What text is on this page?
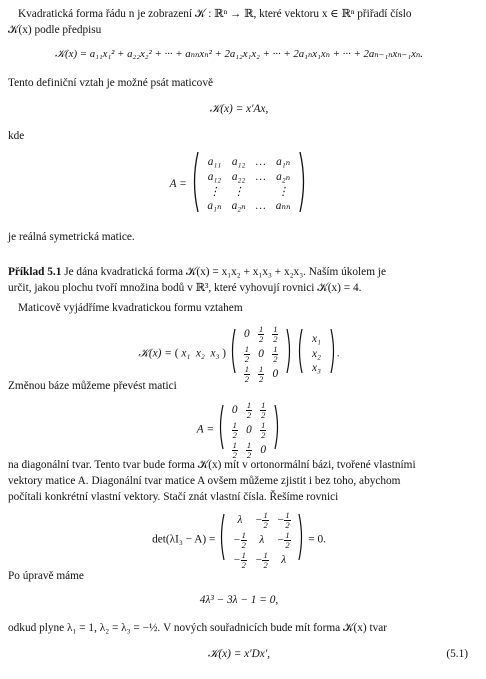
Kvadratická forma řádu n je zobrazení 𝒦 : ℝⁿ → ℝ, které vektoru x ∈ ℝⁿ přiřadí číslo
𝒦(x) podle předpisu
𝒦(x) = a₁₁x₁² + a₂₂x₂² + ··· + aₙₙxₙ² + 2a₁₂x₁x₂ + ··· + 2a₁ₙx₁xₙ + ··· + 2aₙ₋₁ₙxₙ₋₁xₙ.
Tento definiční vztah je možné psát maticově
𝒦(x) = x′Ax,
kde
A =  a₁₁	a₁₂	…	a₁ₙ
a₁₂	a₂₂	…	a₂ₙ
⋮	⋮		⋮
a₁ₙ	a₂ₙ	…	aₙₙ
je reálná symetrická matice.
Příklad 5.1 Je dána kvadratická forma 𝒦(x) = x₁x₂ + x₁x₃ + x₂x₃. Naším úkolem je
určit, jakou plochu tvoří množina bodů v ℝ³, které vyhovují rovnici 𝒦(x) = 4.
Maticově vyjádříme kvadratickou formu vztahem
𝒦(x) = ( x₁ x₂ x₃ )  0	$\frac{1}{2}$	$\frac{1}{2}$

$\frac{1}{2}$	0	$\frac{1}{2}$

$\frac{1}{2}$	$\frac{1}{2}$	0   x₁
x₂
x₃ .
Změnou báze můžeme převést matici
A =  0	$\frac{1}{2}$	$\frac{1}{2}$

$\frac{1}{2}$	0	$\frac{1}{2}$

$\frac{1}{2}$	$\frac{1}{2}$	0
na diagonální tvar. Tento tvar bude forma 𝒦(x) mít v ortonormální bázi, tvořené vlastními
vektory matice A. Diagonální tvar matice A ovšem můžeme zjistit i bez toho, abychom
počítali konkrétní vlastní vektory. Stačí znát vlastní čísla. Řešíme rovnici
det(λI₃ − A) =  λ	− $\frac{1}{2}$	− $\frac{1}{2}$

− $\frac{1}{2}$	λ	− $\frac{1}{2}$

− $\frac{1}{2}$	− $\frac{1}{2}$	λ  = 0.
Po úpravě máme
4λ³ − 3λ − 1 = 0,
odkud plyne λ₁ = 1, λ₂ = λ₃ = −½. V nových souřadnicích bude mít forma 𝒦(x) tvar
𝒦(x) = x′Dx′,	(5.1)
